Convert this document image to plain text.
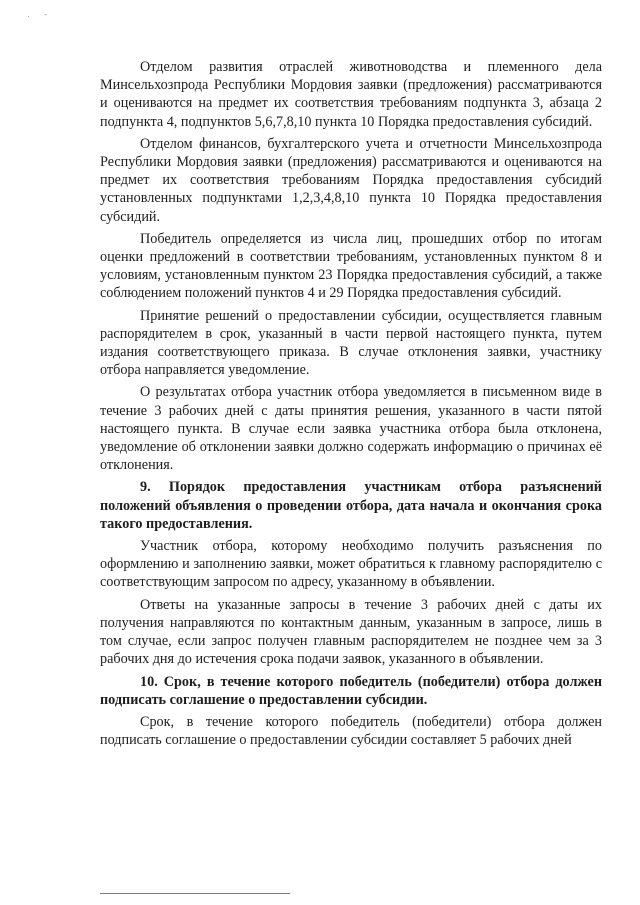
. -

Отделом развития отраслей животноводства и племенного дела Минсельхозпрода Республики Мордовия заявки (предложения) рассматриваются и оцениваются на предмет их соответствия требованиям подпункта 3, абзаца 2 подпункта 4, подпунктов 5,6,7,8,10 пункта 10 Порядка предоставления субсидий.

Отделом финансов, бухгалтерского учета и отчетности Минсельхозпрода Республики Мордовия заявки (предложения) рассматриваются и оцениваются на предмет их соответствия требованиям Порядка предоставления субсидий установленных подпунктами 1,2,3,4,8,10 пункта 10 Порядка предоставления субсидий.

Победитель определяется из числа лиц, прошедших отбор по итогам оценки предложений в соответствии требованиям, установленных пунктом 8 и условиям, установленным пунктом 23 Порядка предоставления субсидий, а также соблюдением положений пунктов 4 и 29 Порядка предоставления субсидий.

Принятие решений о предоставлении субсидии, осуществляется главным распорядителем в срок, указанный в части первой настоящего пункта, путем издания соответствующего приказа. В случае отклонения заявки, участнику отбора направляется уведомление.

О результатах отбора участник отбора уведомляется в письменном виде в течение 3 рабочих дней с даты принятия решения, указанного в части пятой настоящего пункта. В случае если заявка участника отбора была отклонена, уведомление об отклонении заявки должно содержать информацию о причинах её отклонения.

9. Порядок предоставления участникам отбора разъяснений положений объявления о проведении отбора, дата начала и окончания срока такого предоставления.

Участник отбора, которому необходимо получить разъяснения по оформлению и заполнению заявки, может обратиться к главному распорядителю с соответствующим запросом по адресу, указанному в объявлении.

Ответы на указанные запросы в течение 3 рабочих дней с даты их получения направляются по контактным данным, указанным в запросе, лишь в том случае, если запрос получен главным распорядителем не позднее чем за 3 рабочих дня до истечения срока подачи заявок, указанного в объявлении.

10. Срок, в течение которого победитель (победители) отбора должен подписать соглашение о предоставлении субсидии.

Срок, в течение которого победитель (победители) отбора должен подписать соглашение о предоставлении субсидии составляет 5 рабочих дней
